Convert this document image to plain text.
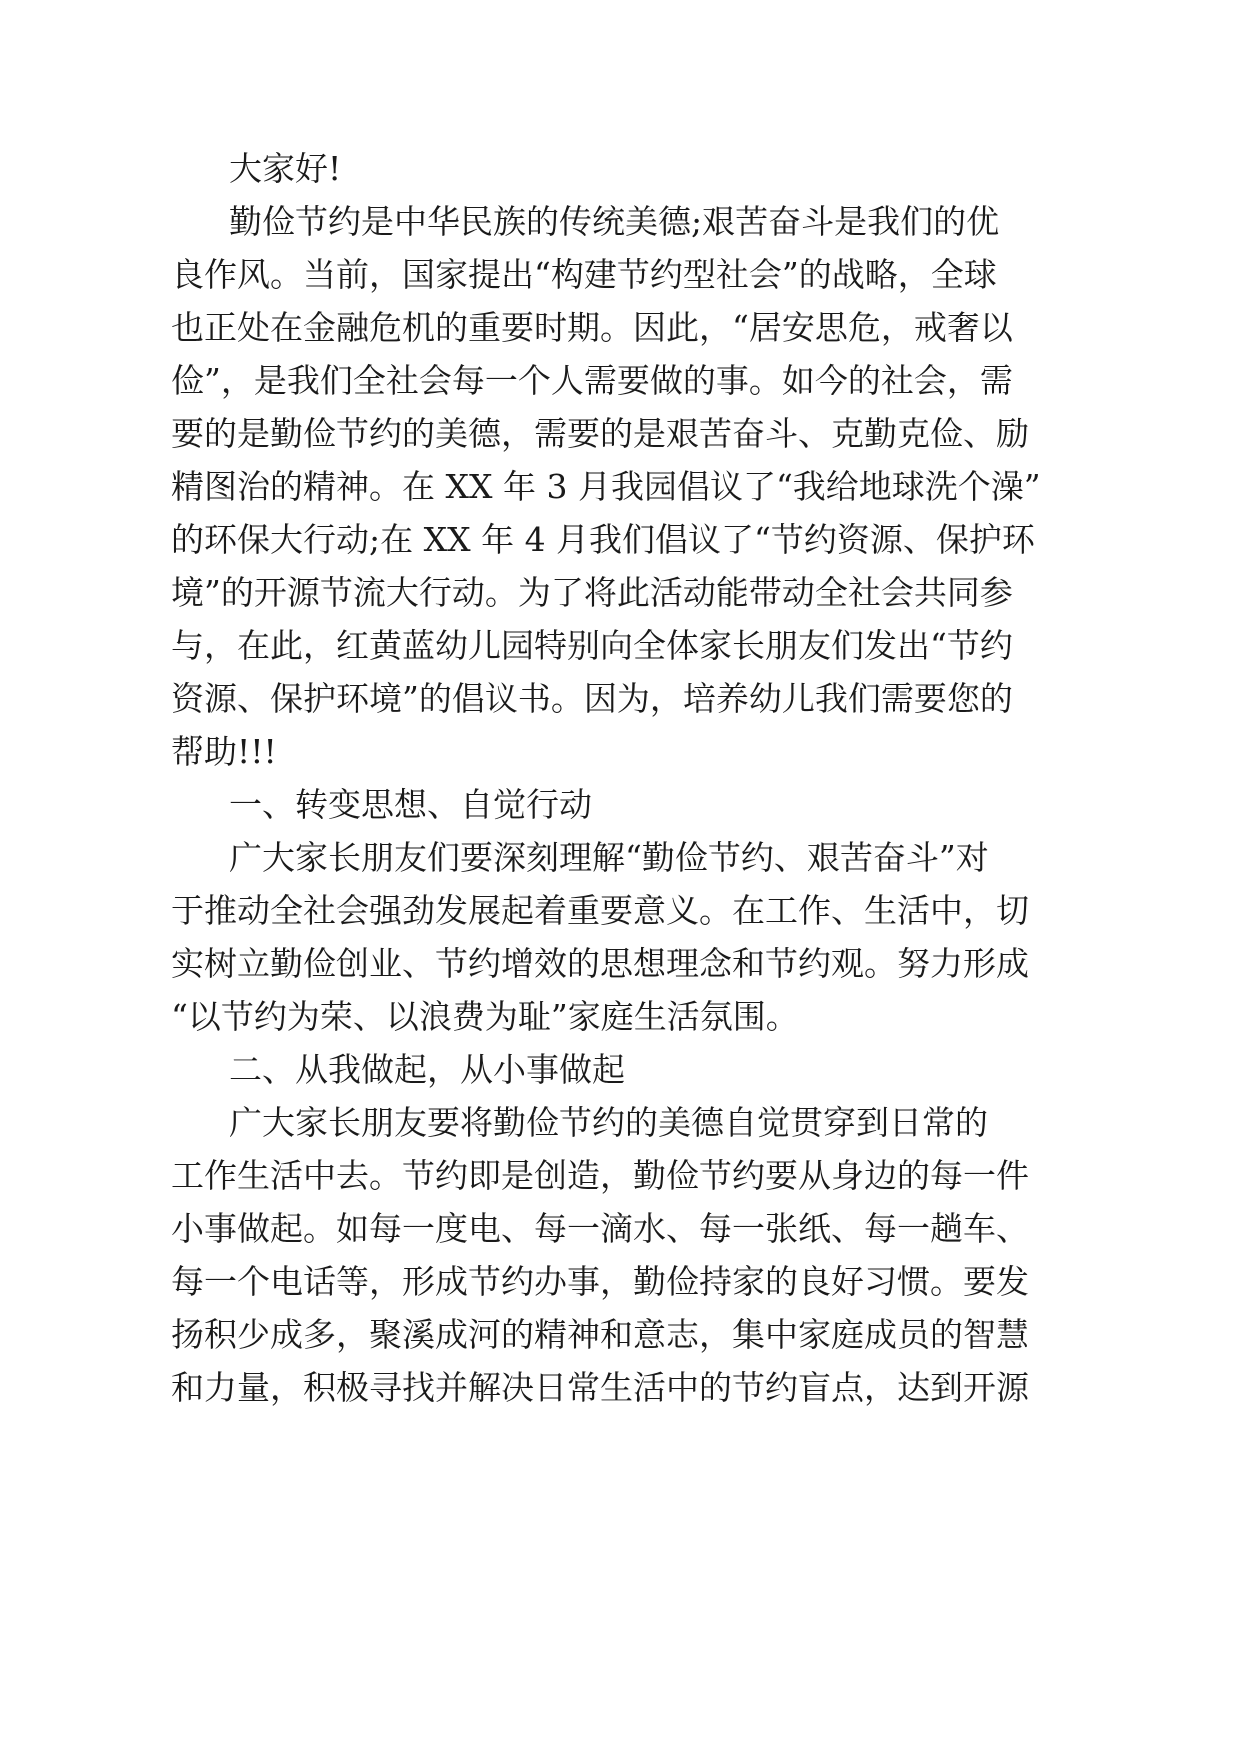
大家好!

勤俭节约是中华民族的传统美德;艰苦奋斗是我们的优

良作风。当前，国家提出“构建节约型社会”的战略，全球

也正处在金融危机的重要时期。因此，“居安思危，戒奢以

俭”，是我们全社会每一个人需要做的事。如今的社会，需

要的是勤俭节约的美德，需要的是艰苦奋斗、克勤克俭、励

精图治的精神。在 XX 年 3 月我园倡议了“我给地球洗个澡”

的环保大行动;在 XX 年 4 月我们倡议了“节约资源、保护环

境”的开源节流大行动。为了将此活动能带动全社会共同参

与，在此，红黄蓝幼儿园特别向全体家长朋友们发出“节约

资源、保护环境”的倡议书。因为，培养幼儿我们需要您的

帮助!!!

一、转变思想、自觉行动

广大家长朋友们要深刻理解“勤俭节约、艰苦奋斗”对

于推动全社会强劲发展起着重要意义。在工作、生活中，切

实树立勤俭创业、节约增效的思想理念和节约观。努力形成

“以节约为荣、以浪费为耻”家庭生活氛围。

二、从我做起，从小事做起

广大家长朋友要将勤俭节约的美德自觉贯穿到日常的

工作生活中去。节约即是创造，勤俭节约要从身边的每一件

小事做起。如每一度电、每一滴水、每一张纸、每一趟车、

每一个电话等，形成节约办事，勤俭持家的良好习惯。要发

扬积少成多，聚溪成河的精神和意志，集中家庭成员的智慧

和力量，积极寻找并解决日常生活中的节约盲点，达到开源
